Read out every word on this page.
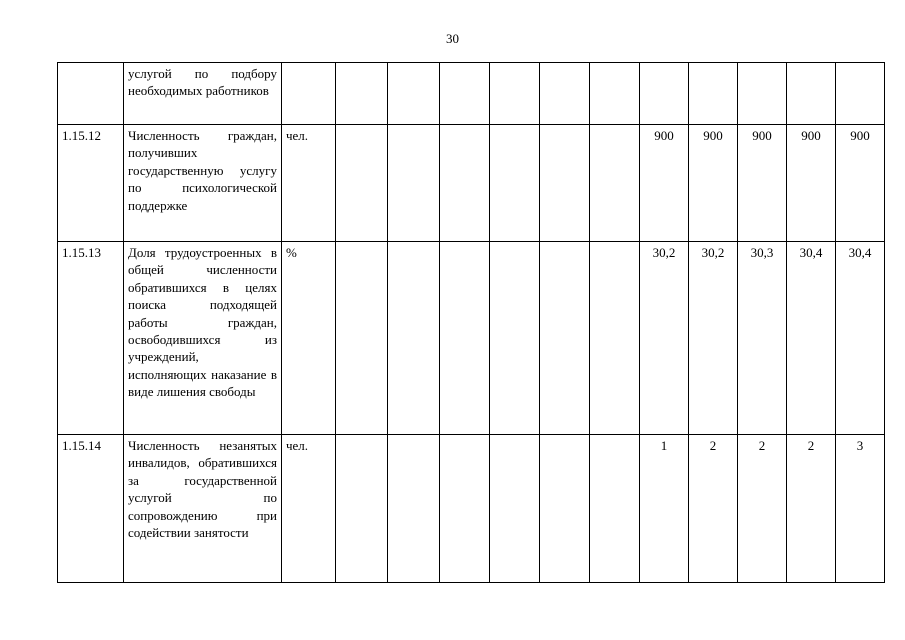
30
	услугой по подбору необходимых работников												
1.15.12	Численность граждан, получивших государственную услугу по психологической поддержке	чел.							900	900	900	900	900
1.15.13	Доля трудоустроенных в общей численности обратившихся в целях поиска подходящей работы граждан, освободившихся из учреждений, исполняющих наказание в виде лишения свободы	%							30,2	30,2	30,3	30,4	30,4
1.15.14	Численность незанятых инвалидов, обратившихся за государственной услугой по сопровождению при содействии занятости	чел.							1	2	2	2	3
